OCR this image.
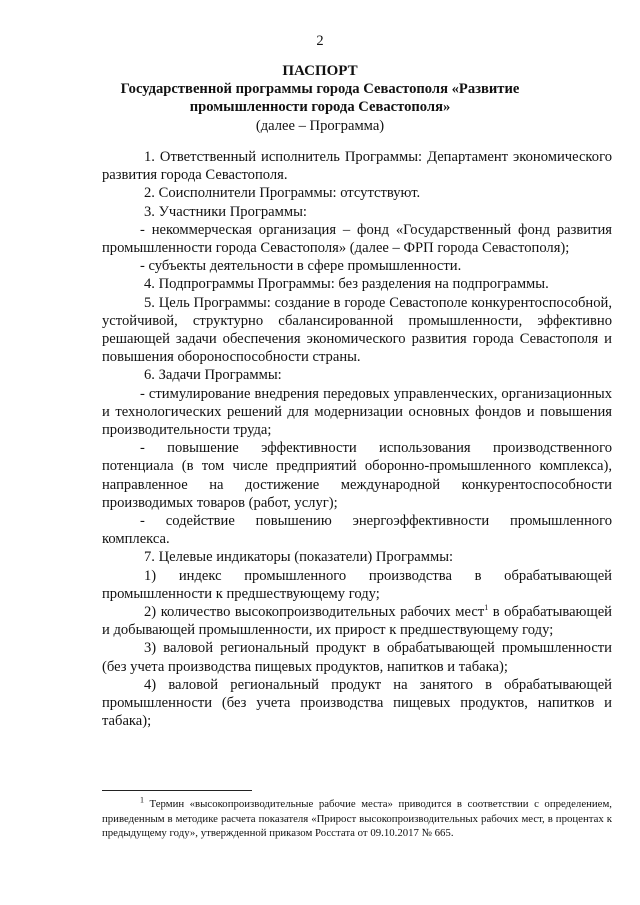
2
ПАСПОРТ
Государственной программы города Севастополя «Развитие
промышленности города Севастополя»
(далее – Программа)

1. Ответственный исполнитель Программы: Департамент экономического развития города Севастополя.

2. Соисполнители Программы: отсутствуют.

3. Участники Программы:

- некоммерческая организация – фонд «Государственный фонд развития промышленности города Севастополя» (далее – ФРП города Севастополя);

- субъекты деятельности в сфере промышленности.

4. Подпрограммы Программы: без разделения на подпрограммы.

5. Цель Программы: создание в городе Севастополе конкурентоспособной, устойчивой, структурно сбалансированной промышленности, эффективно решающей задачи обеспечения экономического развития города Севастополя и повышения обороноспособности страны.

6. Задачи Программы:

- стимулирование внедрения передовых управленческих, организационных и технологических решений для модернизации основных фондов и повышения производительности труда;

- повышение эффективности использования производственного потенциала (в том числе предприятий оборонно-промышленного комплекса), направленное на достижение международной конкурентоспособности производимых товаров (работ, услуг);

- содействие повышению энергоэффективности промышленного комплекса.

7. Целевые индикаторы (показатели) Программы:

1) индекс промышленного производства в обрабатывающей промышленности к предшествующему году;

2) количество высокопроизводительных рабочих мест$^1$ в обрабатывающей и добывающей промышленности, их прирост к предшествующему году;

3) валовой региональный продукт в обрабатывающей промышленности (без учета производства пищевых продуктов, напитков и табака);

4) валовой региональный продукт на занятого в обрабатывающей промышленности (без учета производства пищевых продуктов, напитков и табака);

$^1$ Термин «высокопроизводительные рабочие места» приводится в соответствии с определением, приведенным в методике расчета показателя «Прирост высокопроизводительных рабочих мест, в процентах к предыдущему году», утвержденной приказом Росстата от 09.10.2017 № 665.
